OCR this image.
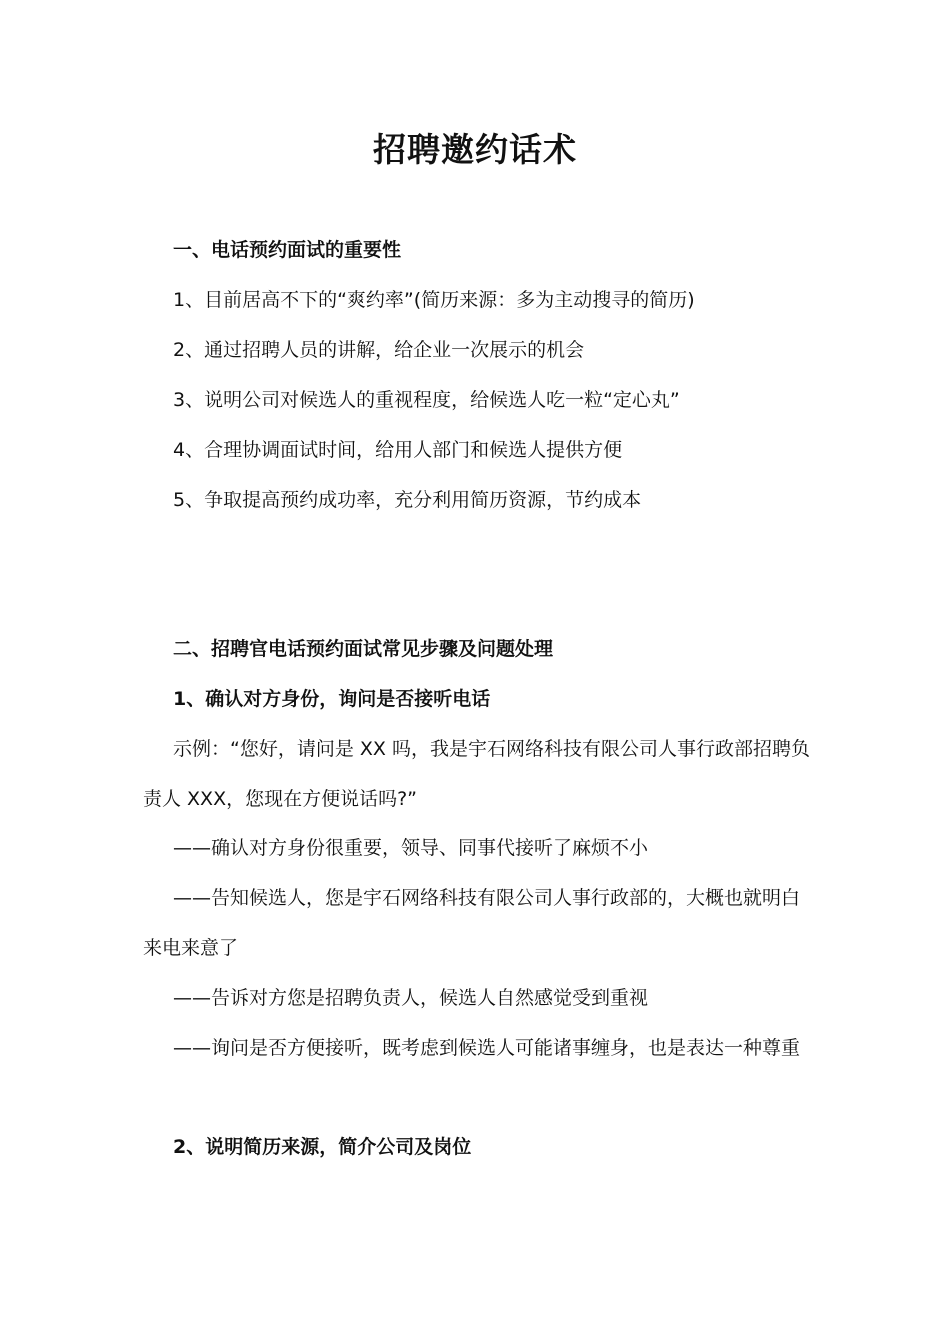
招聘邀约话术
一、电话预约面试的重要性
1、目前居高不下的“爽约率”(简历来源：多为主动搜寻的简历)
2、通过招聘人员的讲解，给企业一次展示的机会
3、说明公司对候选人的重视程度，给候选人吃一粒“定心丸”
4、合理协调面试时间，给用人部门和候选人提供方便
5、争取提高预约成功率，充分利用简历资源，节约成本
二、招聘官电话预约面试常见步骤及问题处理
1、确认对方身份，询问是否接听电话
示例：“您好，请问是 XX 吗，我是宇石网络科技有限公司人事行政部招聘负
责人 XXX，您现在方便说话吗?”
——确认对方身份很重要，领导、同事代接听了麻烦不小
——告知候选人，您是宇石网络科技有限公司人事行政部的，大概也就明白
来电来意了
——告诉对方您是招聘负责人，候选人自然感觉受到重视
——询问是否方便接听，既考虑到候选人可能诸事缠身，也是表达一种尊重
2、说明简历来源，简介公司及岗位
